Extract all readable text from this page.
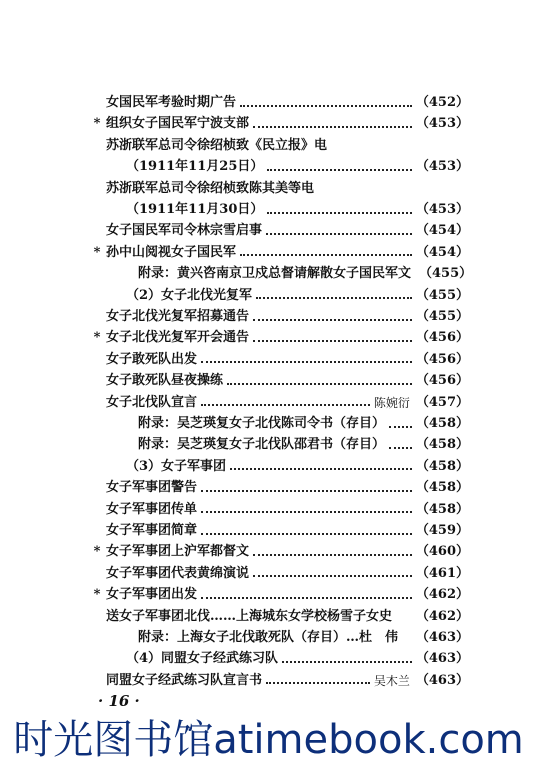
女国民军考验时期广告	（452）
* 组织女子国民军宁波支部	（453）
苏浙联军总司令徐绍桢致《民立报》电
（1911年11月25日）	（453）
苏浙联军总司令徐绍桢致陈其美等电
（1911年11月30日）	（453）
女子国民军司令林宗雪启事	（454）
* 孙中山阅视女子国民军	（454）
附录：黄兴咨南京卫戍总督请解散女子国民军文 （455）
（2）女子北伐光复军	（455）
女子北伐光复军招募通告	（455）
* 女子北伐光复军开会通告	（456）
女子敢死队出发	（456）
女子敢死队昼夜操练	（456）
女子北伐队宣言	陈婉衍 （457）
附录：吴芝瑛复女子北伐陈司令书（存目） （458）
附录：吴芝瑛复女子北伐队邵君书（存目） （458）
（3）女子军事团	（458）
女子军事团警告	（458）
女子军事团传单	（458）
女子军事团简章	（459）
* 女子军事团上沪军都督文	（460）
女子军事团代表黄绵演说	（461）
* 女子军事团出发	（462）
送女子军事团北伐……上海城东女学校杨雪子女史 （462）
附录：上海女子北伐敢死队（存目）…杜　伟 （463）
（4）同盟女子经武练习队	（463）
同盟女子经武练习队宣言书	吴木兰 （463）
· 16 ·
时光图书馆atimebook.com
